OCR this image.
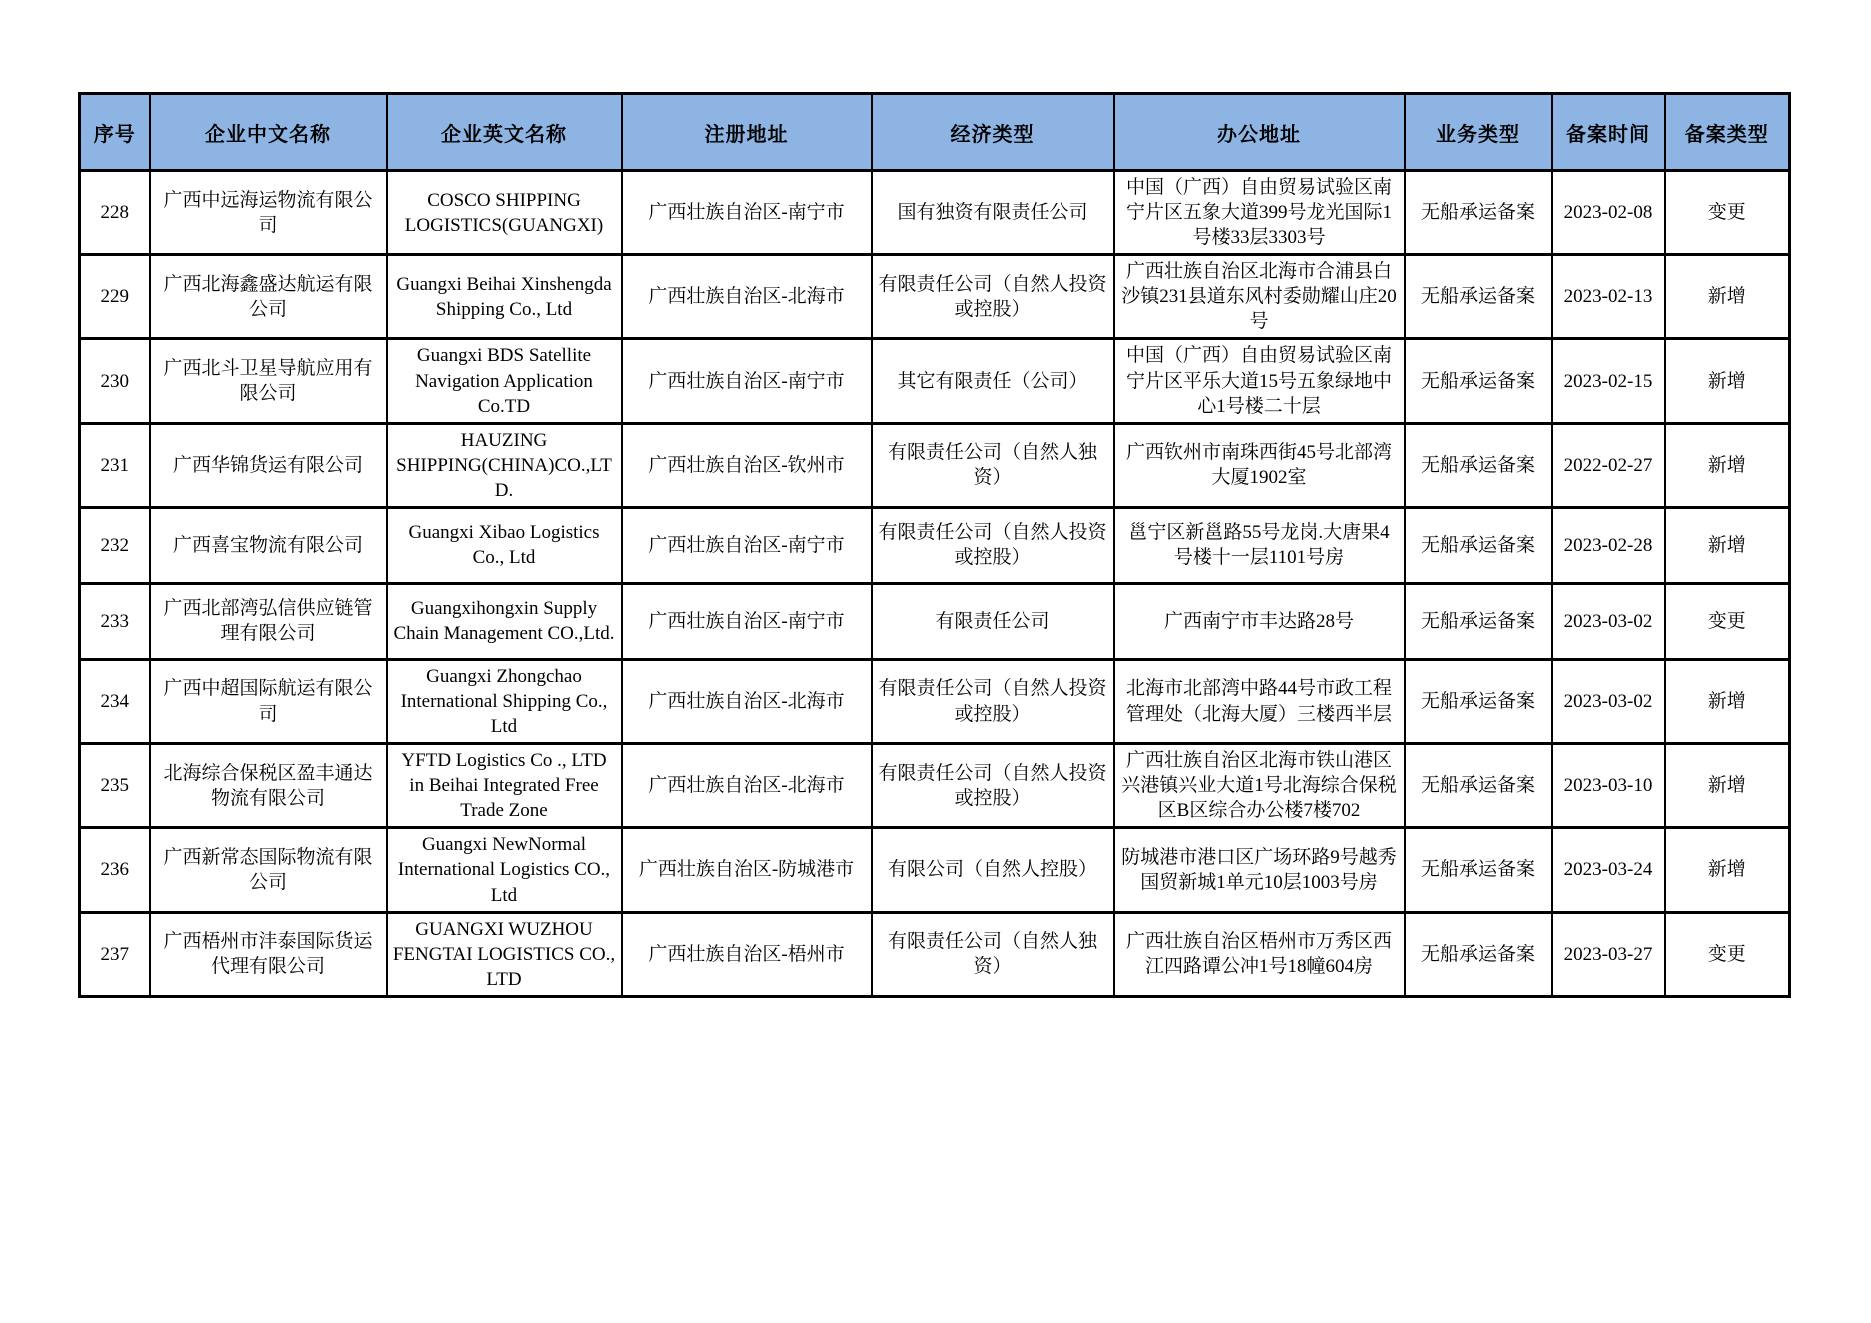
序号	企业中文名称	企业英文名称	注册地址	经济类型	办公地址	业务类型	备案时间	备案类型
228	广西中远海运物流有限公司	COSCO SHIPPING LOGISTICS(GUANGXI)	广西壮族自治区-南宁市	国有独资有限责任公司	中国（广西）自由贸易试验区南宁片区五象大道399号龙光国际1号楼33层3303号	无船承运备案	2023-02-08	变更
229	广西北海鑫盛达航运有限公司	Guangxi Beihai Xinshengda Shipping Co., Ltd	广西壮族自治区-北海市	有限责任公司（自然人投资或控股）	广西壮族自治区北海市合浦县白沙镇231县道东风村委勋耀山庄20号	无船承运备案	2023-02-13	新增
230	广西北斗卫星导航应用有限公司	Guangxi BDS Satellite Navigation Application Co.TD	广西壮族自治区-南宁市	其它有限责任（公司）	中国（广西）自由贸易试验区南宁片区平乐大道15号五象绿地中心1号楼二十层	无船承运备案	2023-02-15	新增
231	广西华锦货运有限公司	HAUZING SHIPPING(CHINA)CO.,LTD.	广西壮族自治区-钦州市	有限责任公司（自然人独资）	广西钦州市南珠西街45号北部湾大厦1902室	无船承运备案	2022-02-27	新增
232	广西喜宝物流有限公司	Guangxi Xibao Logistics Co., Ltd	广西壮族自治区-南宁市	有限责任公司（自然人投资或控股）	邕宁区新邕路55号龙岗.大唐果4号楼十一层1101号房	无船承运备案	2023-02-28	新增
233	广西北部湾弘信供应链管理有限公司	Guangxihongxin Supply Chain Management CO.,Ltd.	广西壮族自治区-南宁市	有限责任公司	广西南宁市丰达路28号	无船承运备案	2023-03-02	变更
234	广西中超国际航运有限公司	Guangxi Zhongchao International Shipping Co., Ltd	广西壮族自治区-北海市	有限责任公司（自然人投资或控股）	北海市北部湾中路44号市政工程管理处（北海大厦）三楼西半层	无船承运备案	2023-03-02	新增
235	北海综合保税区盈丰通达物流有限公司	YFTD Logistics Co ., LTD in Beihai Integrated Free Trade Zone	广西壮族自治区-北海市	有限责任公司（自然人投资或控股）	广西壮族自治区北海市铁山港区兴港镇兴业大道1号北海综合保税区B区综合办公楼7楼702	无船承运备案	2023-03-10	新增
236	广西新常态国际物流有限公司	Guangxi NewNormal International Logistics CO., Ltd	广西壮族自治区-防城港市	有限公司（自然人控股）	防城港市港口区广场环路9号越秀国贸新城1单元10层1003号房	无船承运备案	2023-03-24	新增
237	广西梧州市沣泰国际货运代理有限公司	GUANGXI WUZHOU FENGTAI LOGISTICS CO., LTD	广西壮族自治区-梧州市	有限责任公司（自然人独资）	广西壮族自治区梧州市万秀区西江四路谭公冲1号18幢604房	无船承运备案	2023-03-27	变更
